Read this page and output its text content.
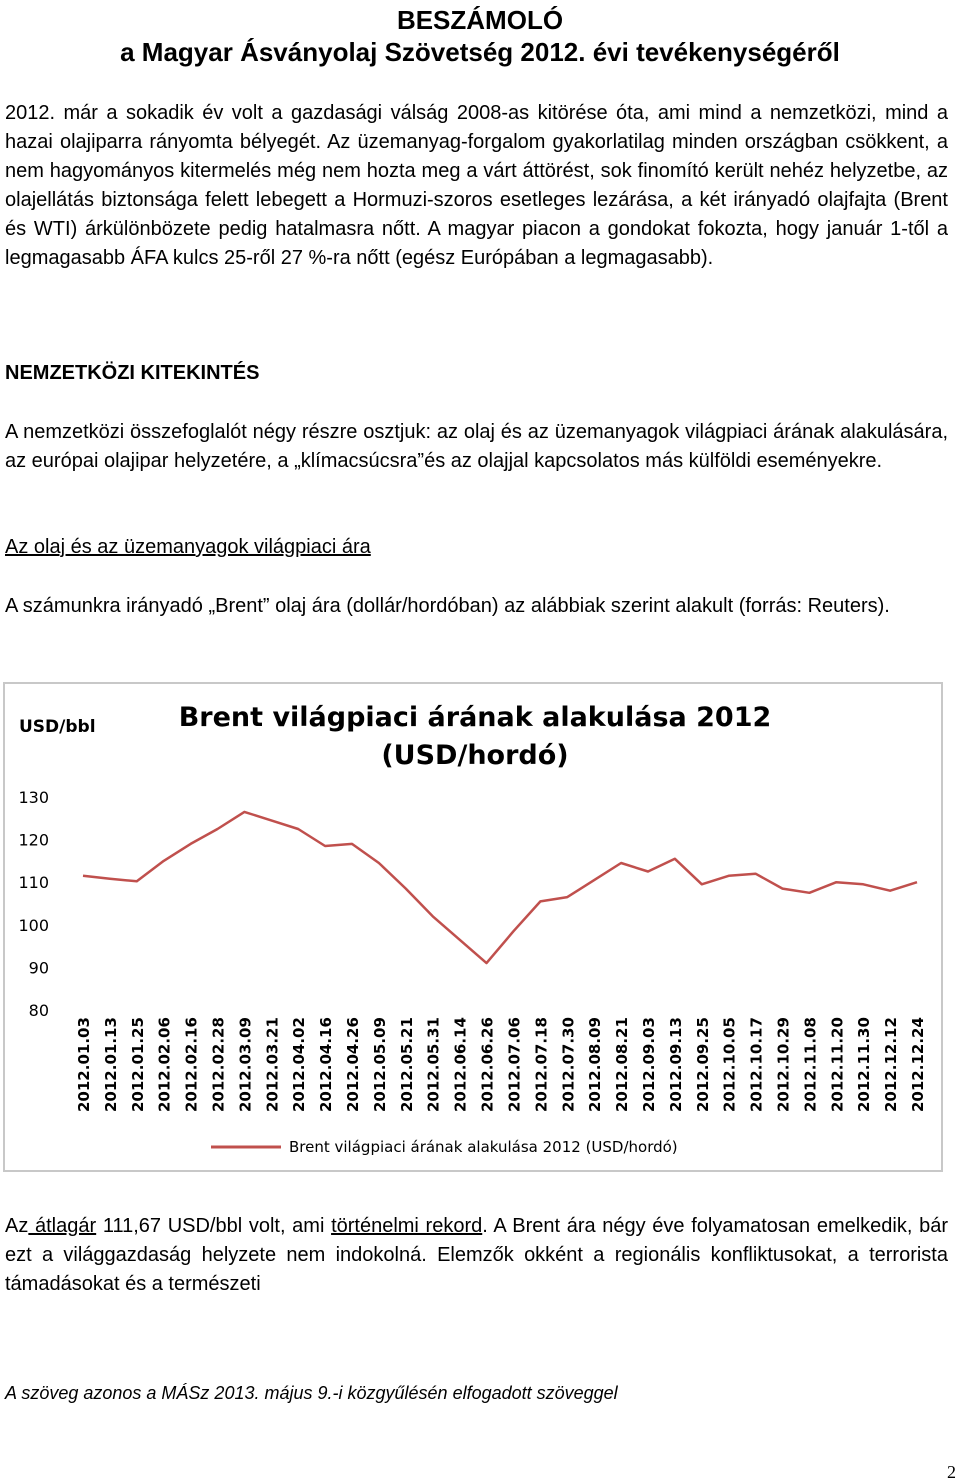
BESZÁMOLÓ
a Magyar Ásványolaj Szövetség 2012. évi tevékenységéről

2012. már a sokadik év volt a gazdasági válság 2008-as kitörése óta, ami mind a nemzetközi, mind a hazai olajiparra rányomta bélyegét. Az üzemanyag-forgalom gyakorlatilag minden országban csökkent, a nem hagyományos kitermelés még nem hozta meg a várt áttörést, sok finomító került nehéz helyzetbe, az olajellátás biztonsága felett lebegett a Hormuzi-szoros esetleges lezárása, a két irányadó olajfajta (Brent és WTI) árkülönbözete pedig hatalmasra nőtt. A magyar piacon a gondokat fokozta, hogy január 1-től a legmagasabb ÁFA kulcs 25-ről 27 %-ra nőtt (egész Európában a legmagasabb).

NEMZETKÖZI KITEKINTÉS

A nemzetközi összefoglalót négy részre osztjuk: az olaj és az üzemanyagok világpiaci árának alakulására, az európai olajipar helyzetére, a „klímacsúcsra”és az olajjal kapcsolatos más külföldi eseményekre.

Az olaj és az üzemanyagok világpiaci ára

A számunkra irányadó „Brent” olaj ára (dollár/hordóban) az alábbiak szerint alakult (forrás: Reuters).

USD/bbl	Brent világpiaci árának alakulása 2012
(USD/hordó)
80
90
100
110
120
130
2012.01.03 2012.01.13 2012.01.25 2012.02.06 2012.02.16 2012.02.28 2012.03.09 2012.03.21 2012.04.02 2012.04.16 2012.04.26 2012.05.09 2012.05.21 2012.05.31 2012.06.14 2012.06.26 2012.07.06 2012.07.18 2012.07.30 2012.08.09 2012.08.21 2012.09.03 2012.09.13 2012.09.25 2012.10.05 2012.10.17 2012.10.29 2012.11.08 2012.11.20 2012.11.30 2012.12.12 2012.12.24
Brent világpiaci árának alakulása 2012 (USD/hordó)

Az átlagár 111,67 USD/bbl volt, ami történelmi rekord. A Brent ára négy éve folyamatosan emelkedik, bár ezt a világgazdaság helyzete nem indokolná. Elemzők okként a regionális konfliktusokat, a terrorista támadásokat és a természeti

A szöveg azonos a MÁSz 2013. május 9.-i közgyűlésén elfogadott szöveggel
2
